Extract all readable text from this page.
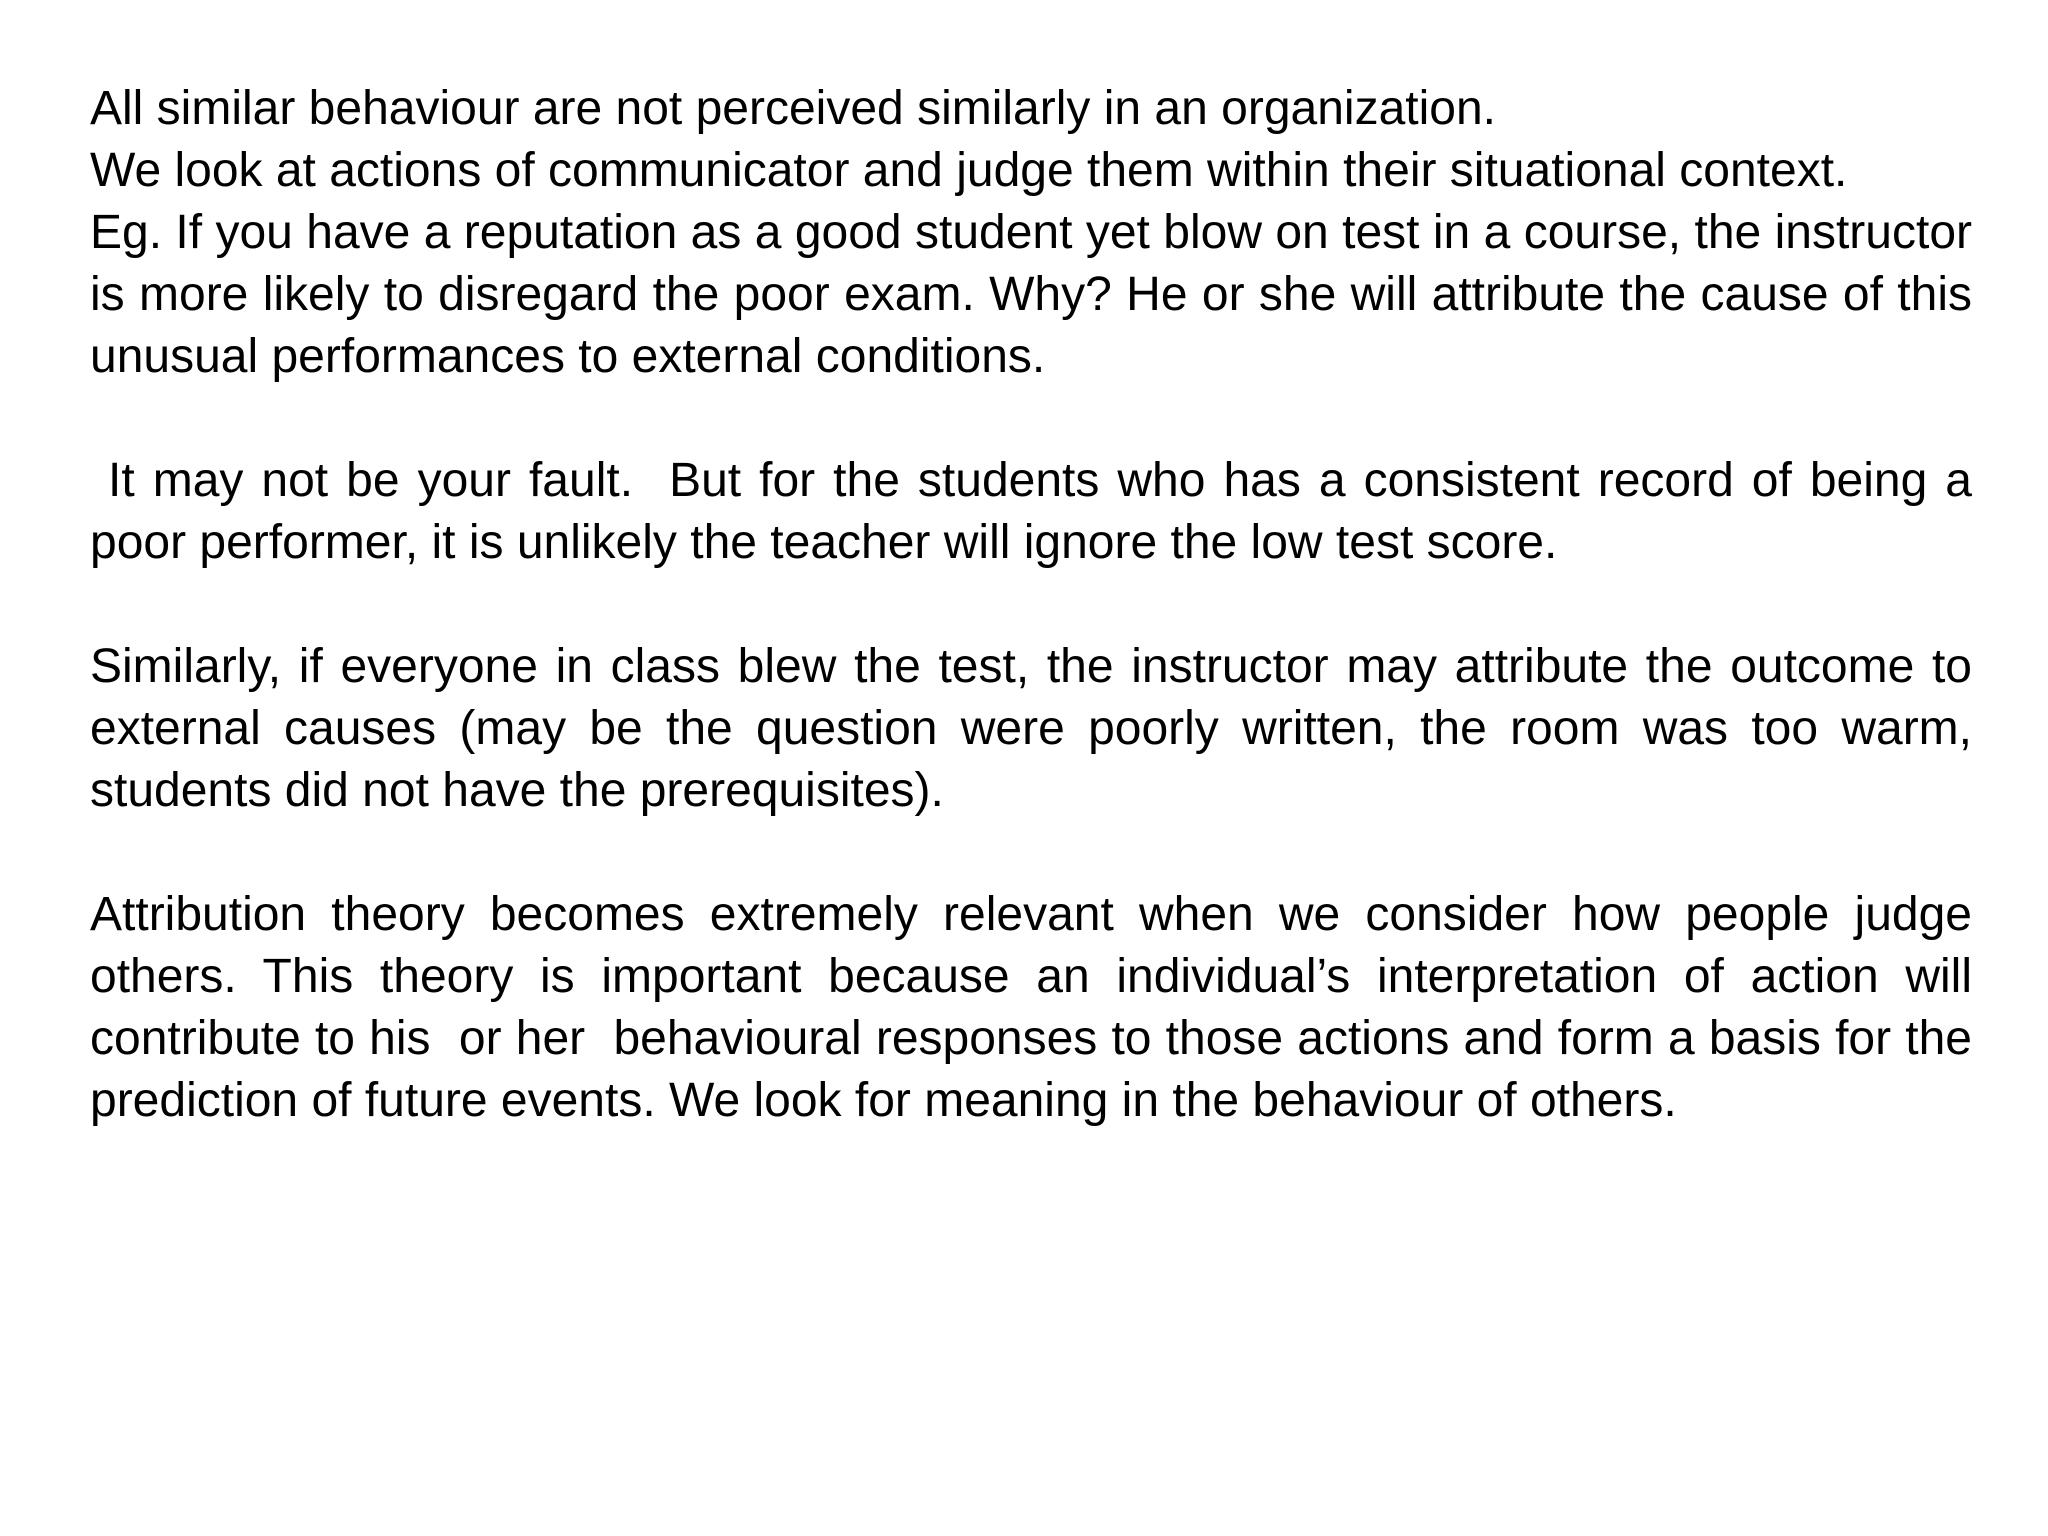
All similar behaviour are not perceived similarly in an organization.

We look at actions of communicator and judge them within their situational context.

Eg. If you have a reputation as a good student yet blow on test in a course, the instructor is more likely to disregard the poor exam. Why? He or she will attribute the cause of this unusual performances to external conditions.

It may not be your fault.  But for the students who has a consistent record of being a poor performer, it is unlikely the teacher will ignore the low test score.

Similarly, if everyone in class blew the test, the instructor may attribute the outcome to external causes (may be the question were poorly written, the room was too warm, students did not have the prerequisites).

Attribution theory becomes extremely relevant when we consider how people judge others. This theory is important because an individual’s interpretation of action will contribute to his  or her  behavioural responses to those actions and form a basis for the prediction of future events. We look for meaning in the behaviour of others.
